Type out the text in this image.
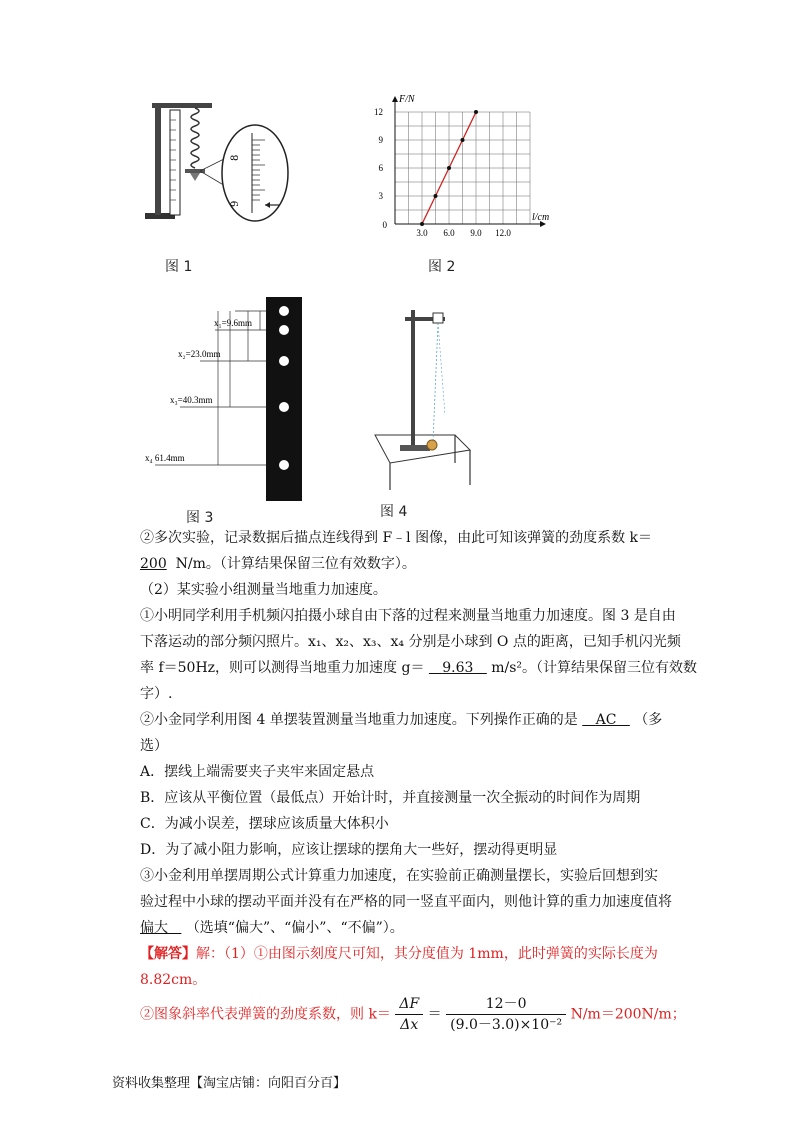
8
9
图 1
3
6
9
12
3.0 6.0 9.0 12.0
0
F/N
l/cm
图 2
x₁=9.6mm
x₂=23.0mm
x₃=40.3mm
x₄ 61.4mm
图 3	图 4
②多次实验，记录数据后描点连线得到 F﹣l 图像，由此可知该弹簧的劲度系数 k＝
200 N/m。（计算结果保留三位有效数字）。
（2）某实验小组测量当地重力加速度。
①小明同学利用手机频闪拍摄小球自由下落的过程来测量当地重力加速度。图 3 是自由
下落运动的部分频闪照片。x₁、x₂、x₃、x₄ 分别是小球到 O 点的距离，已知手机闪光频
率 f＝50Hz，则可以测得当地重力加速度 g＝ 9.63 m/s²。（计算结果保留三位有效数
字）.
②小金同学利用图 4 单摆装置测量当地重力加速度。下列操作正确的是 AC （多
选）
A．摆线上端需要夹子夹牢来固定悬点
B．应该从平衡位置（最低点）开始计时，并直接测量一次全振动的时间作为周期
C．为减小误差，摆球应该质量大体积小
D．为了减小阻力影响，应该让摆球的摆角大一些好，摆动得更明显
③小金利用单摆周期公式计算重力加速度，在实验前正确测量摆长，实验后回想到实
验过程中小球的摆动平面并没有在严格的同一竖直平面内，则他计算的重力加速度值将
偏大 （选填“偏大”、“偏小”、“不偏”）。
【解答】解：（1）①由图示刻度尺可知，其分度值为 1mm，此时弹簧的实际长度为
8.82cm。
②图象斜率代表弹簧的劲度系数，则 $k= \frac{\Delta F}{\Delta x} = \frac{12-0}{\text{(9.0－3.0)×10⁻²}} N/m=200N/m$；
资料收集整理【淘宝店铺：向阳百分百】
